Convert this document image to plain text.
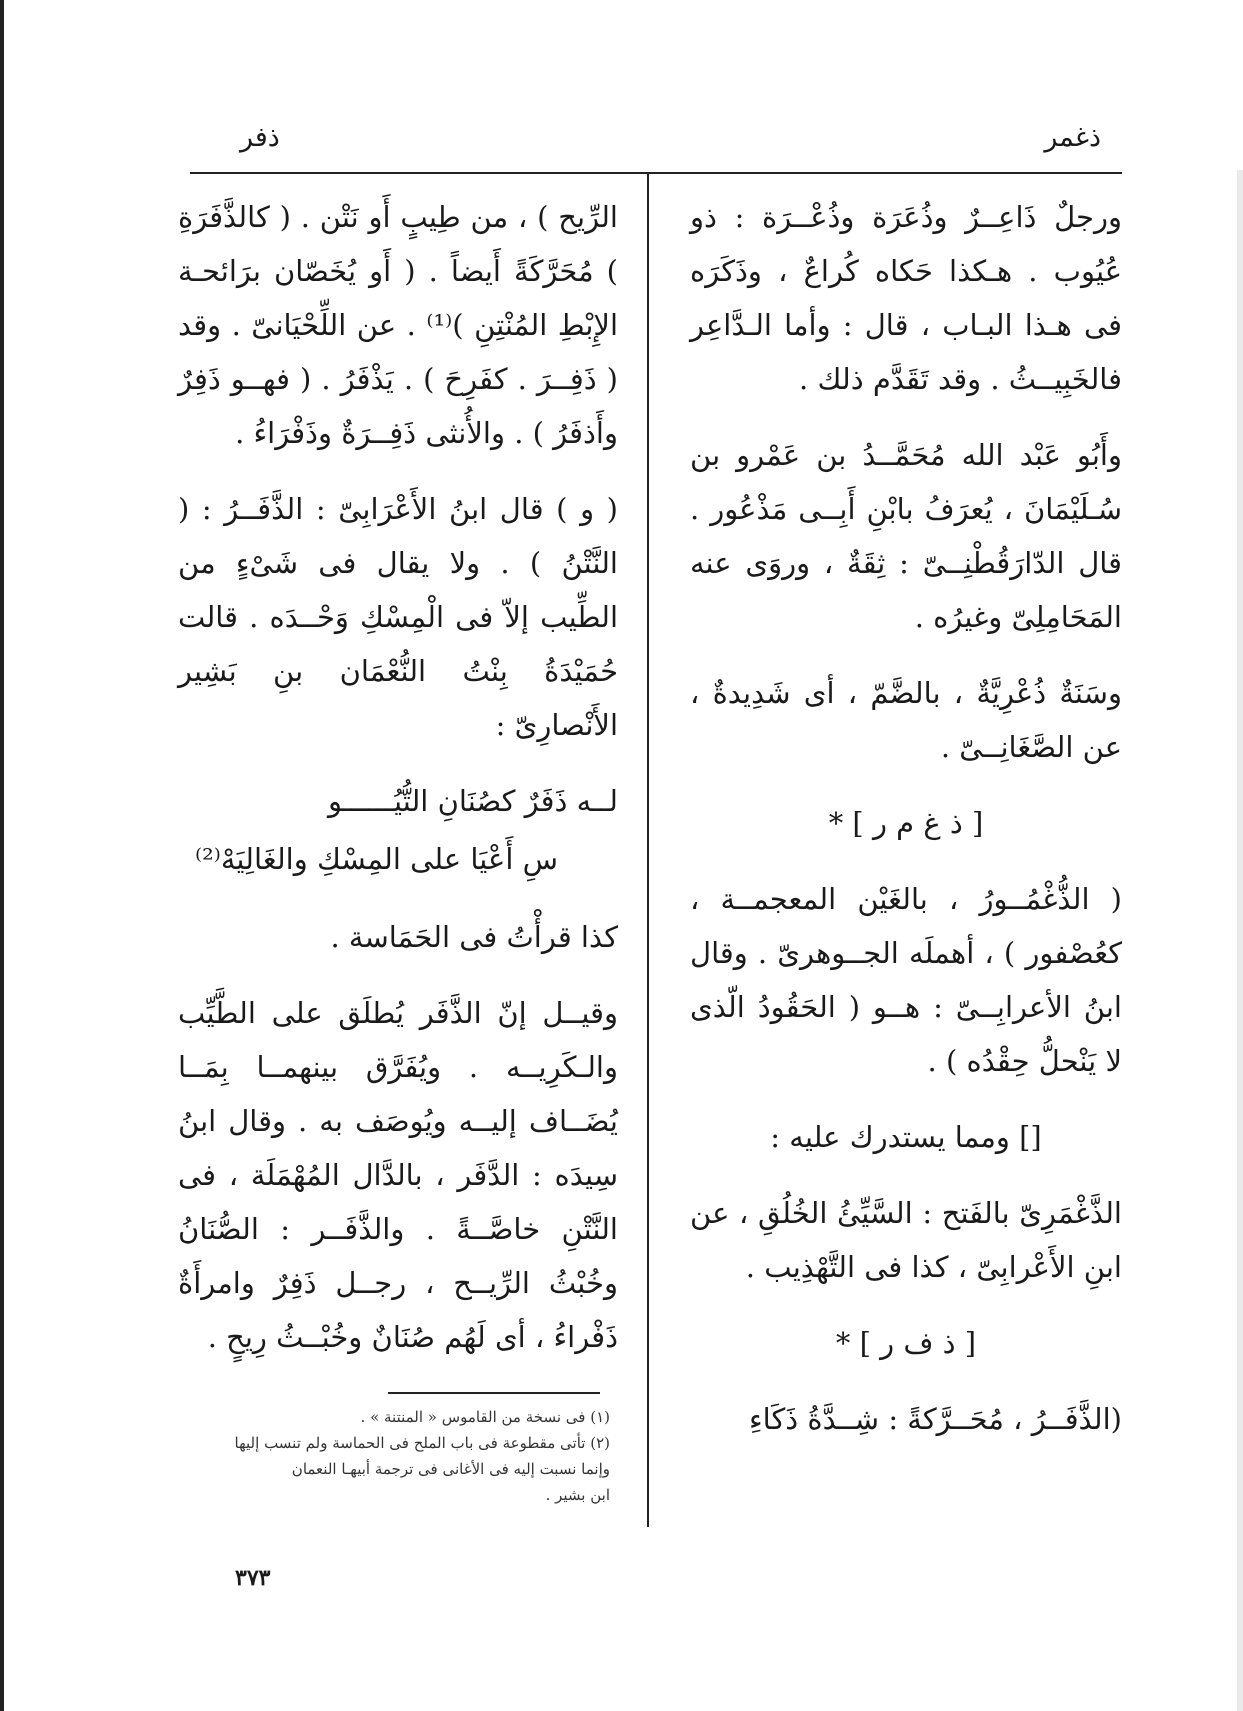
ذغمر
ذفر

ورجلٌ ذَاعِــرٌ وذُعَرَة وذُعْــرَة : ذو عُيُوب . هـكذا حَكاه كُراعٌ ، وذَكَرَه فى هـذا البـاب ، قال : وأما الـدَّاعِر فالخَبِيــثُ . وقد تَقَدَّم ذلك .

وأَبُو عَبْد الله مُحَمَّــدُ بن عَمْرو بن سُـلَيْمَانَ ، يُعرَفُ بابْنِ أَبِــى مَذْعُور . قال الدّارَقُطْنِــىّ : ثِقَةٌ ، وروَى عنه المَحَامِلِىّ وغيرُه .

وسَنَةٌ ذُعْرِيَّةٌ ، بالضَّمّ ، أى شَدِيدةٌ ، عن الصَّغَانِــىّ .

[ ذ غ م ر ] *

( الذُّغْمُــورُ ، بالغَيْن المعجمــة ، كعُصْفور ) ، أهملَه الجــوهرىّ . وقال ابنُ الأعرابِــىّ : هــو ( الحَقُودُ الّذى لا يَنْحلُّ حِقْدُه ) .

[] ومما يستدرك عليه :

الذَّغْمَرِىّ بالفَتح : السَّيِّئُ الخُلُقِ ، عن ابنِ الأَعْرابِىّ ، كذا فى التَّهْذِيب .

[ ذ ف ر ] *

(الذَّفَــرُ ، مُحَــرَّكةً : شِــدَّةُ ذَكَاءِ

الرِّيح ) ، من طِيبٍ أَو نَتْن . ( كالذَّفَرَةِ ) مُحَرَّكَةً أَيضاً . ( أَو يُخَصّان برَائحـة الإِبْطِ المُنْتِنِ )⁽¹⁾ . عن اللِّحْيَانىّ . وقد ( ذَفِــرَ . كفَرِحَ ) . يَذْفَرُ . ( فهــو ذَفِرٌ وأَذفَرُ ) . والأُنثى ذَفِــرَةٌ وذَفْرَاءُ .

( و ) قال ابنُ الأَعْرَابِىّ : الذَّفَــرُ : ( النَّتْنُ ) . ولا يقال فى شَىْءٍ من الطِّيب إلاّ فى الْمِسْكِ وَحْــدَه . قالت حُمَيْدَةُ بِنْتُ النُّعْمَان بنِ بَشِير الأَنْصارِىّ :

لــه ذَفَرٌ كصُنَانِ التُّيُــــــو

سِ أَعْيَا على المِسْكِ والغَالِيَهْ⁽²⁾

كذا قرأْتُ فى الحَمَاسة .

وقيــل إنّ الذَّفَر يُطلَق على الطَّيِّب والـكَرِيــه . ويُفَرَّق بينهمــا بِمَــا يُضَــاف إليــه ويُوصَف به . وقال ابنُ سِيدَه : الدَّفَر ، بالدَّال المُهْمَلَة ، فى النَّتْنِ خاصَّــةً . والذَّفَــر : الصُّنَانُ وخُبْثُ الرِّيــح ، رجــل ذَفِرٌ وامرأَةٌ ذَفْراءُ ، أى لَهُم صُنَانٌ وخُبْــثُ رِيحٍ .

(١) فى نسخة من القاموس « المنتنة » .
(٢) تأتى مقطوعة فى باب الملح فى الحماسة ولم تنسب إليها
وإنما نسبت إليه فى الأغانى فى ترجمة أبيهـا النعمان
ابن بشير .
٣٧٣
